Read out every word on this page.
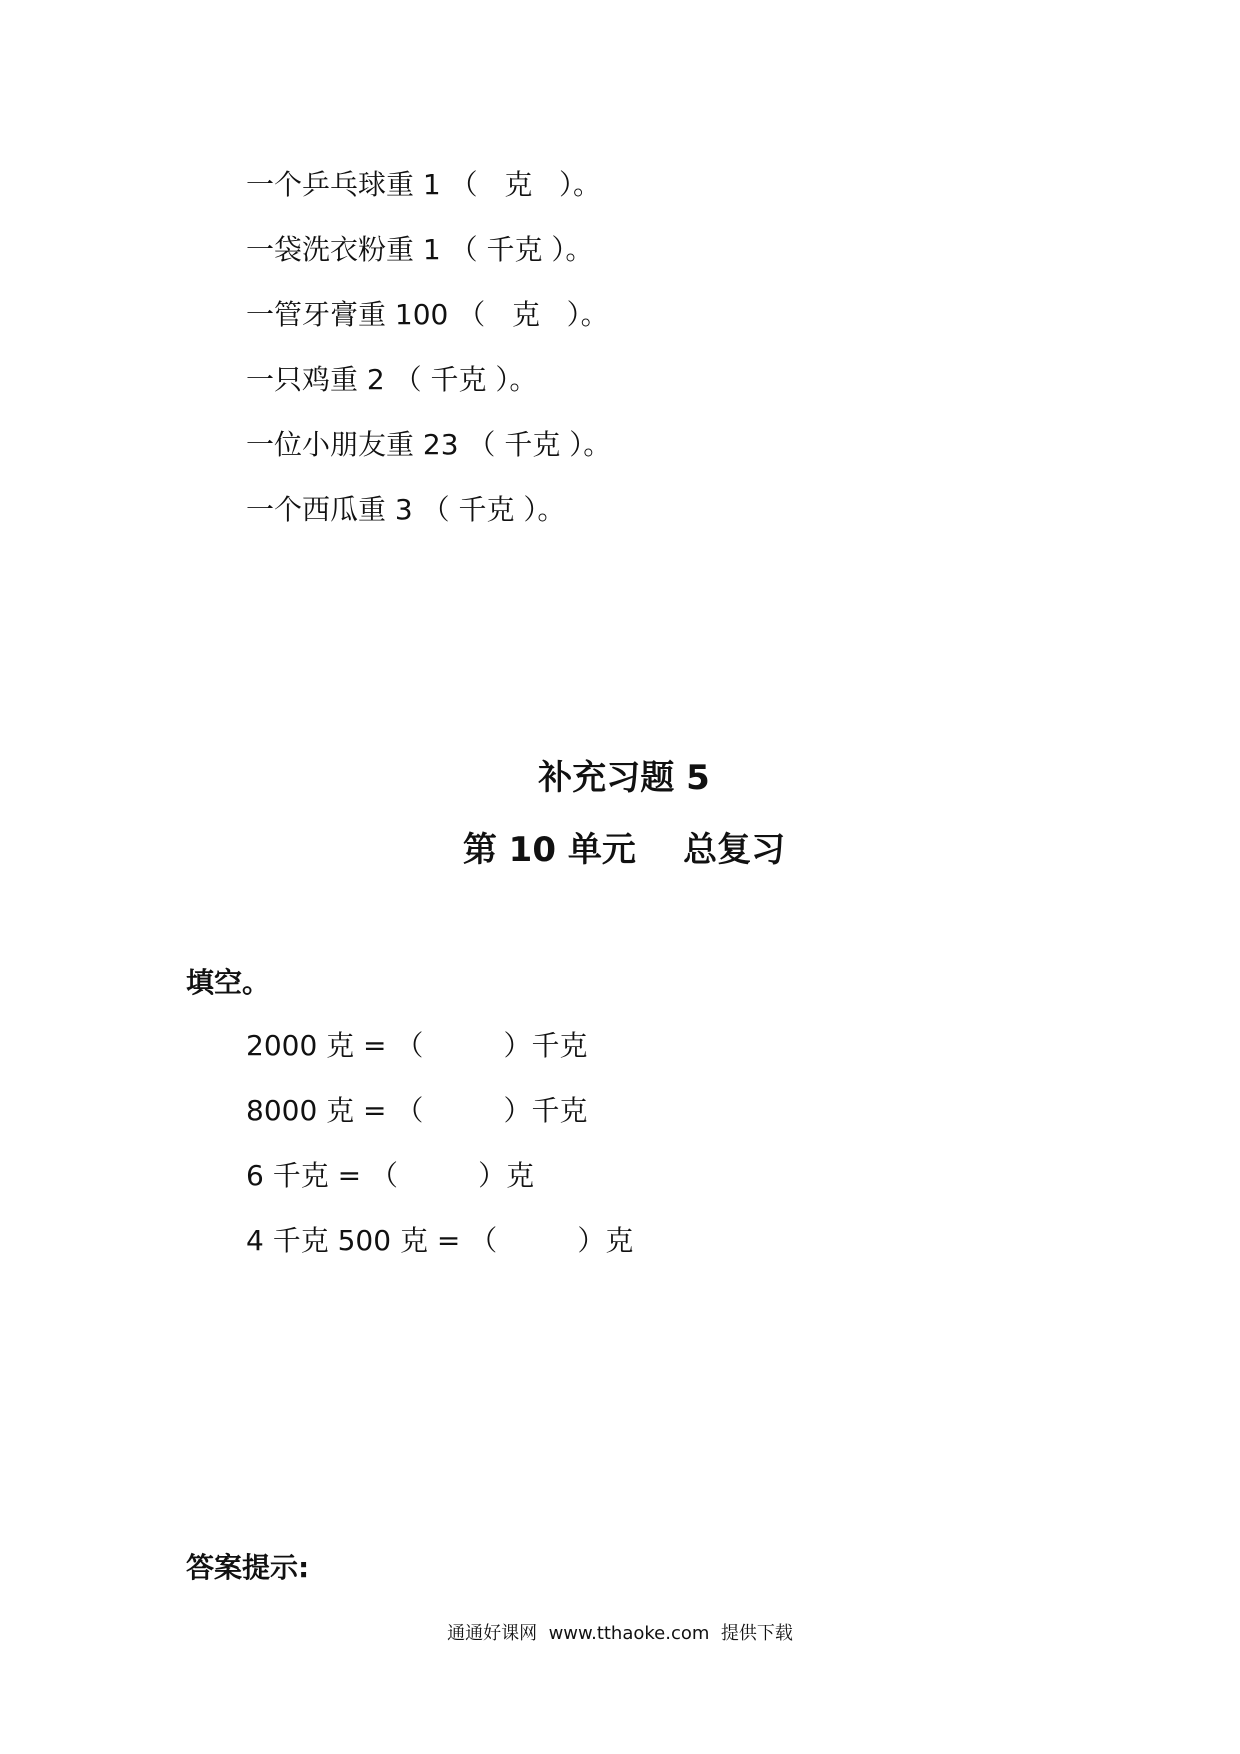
一个乒乓球重 1 （   克   ）。
一袋洗衣粉重 1 （ 千克 ）。
一管牙膏重 100 （   克   ）。
一只鸡重 2 （ 千克 ）。
一位小朋友重 23 （ 千克 ）。
一个西瓜重 3 （ 千克 ）。
补充习题 5
第 10 单元    总复习

填空。

2000 克 = （         ）千克
8000 克 = （         ）千克
6 千克 = （         ）克
4 千克 500 克 = （         ）克

答案提示:

通通好课网  www.tthaoke.com  提供下载
